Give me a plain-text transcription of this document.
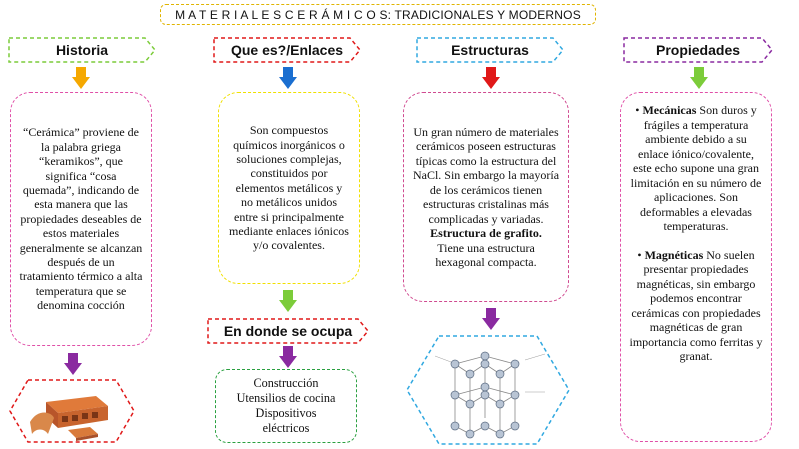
M A T E R I A L E S C E R Á M I C O S: TRADICIONALES Y MODERNOS
Historia	Que es?/Enlaces	Estructuras	Propiedades
En donde se ocupa

“Cerámica” proviene de la palabra griega “keramikos”, que significa “cosa quemada”, indicando de esta manera que las propiedades deseables de estos materiales generalmente se alcanzan después de un tratamiento térmico a alta temperatura que se denomina cocción

Son compuestos químicos inorgánicos o soluciones complejas, constituidos por elementos metálicos y no metálicos unidos entre si principalmente mediante enlaces iónicos y/o covalentes.

Construcción

Utensilios de cocina

Dispositivos

eléctricos

Un gran número de materiales cerámicos poseen estructuras típicas como la estructura del NaCl. Sin embargo la mayoría de los cerámicos tienen estructuras cristalinas más complicadas y variadas.

Estructura de grafito.

Tiene una estructura hexagonal compacta.

• Mecánicas Son duros y frágiles a temperatura ambiente debido a su enlace iónico/covalente, este echo supone una gran limitación en su número de aplicaciones. Son deformables a elevadas temperaturas.

• Magnéticas No suelen presentar propiedades magnéticas, sin embargo podemos encontrar cerámicas con propiedades magnéticas de gran importancia como ferritas y granat.
